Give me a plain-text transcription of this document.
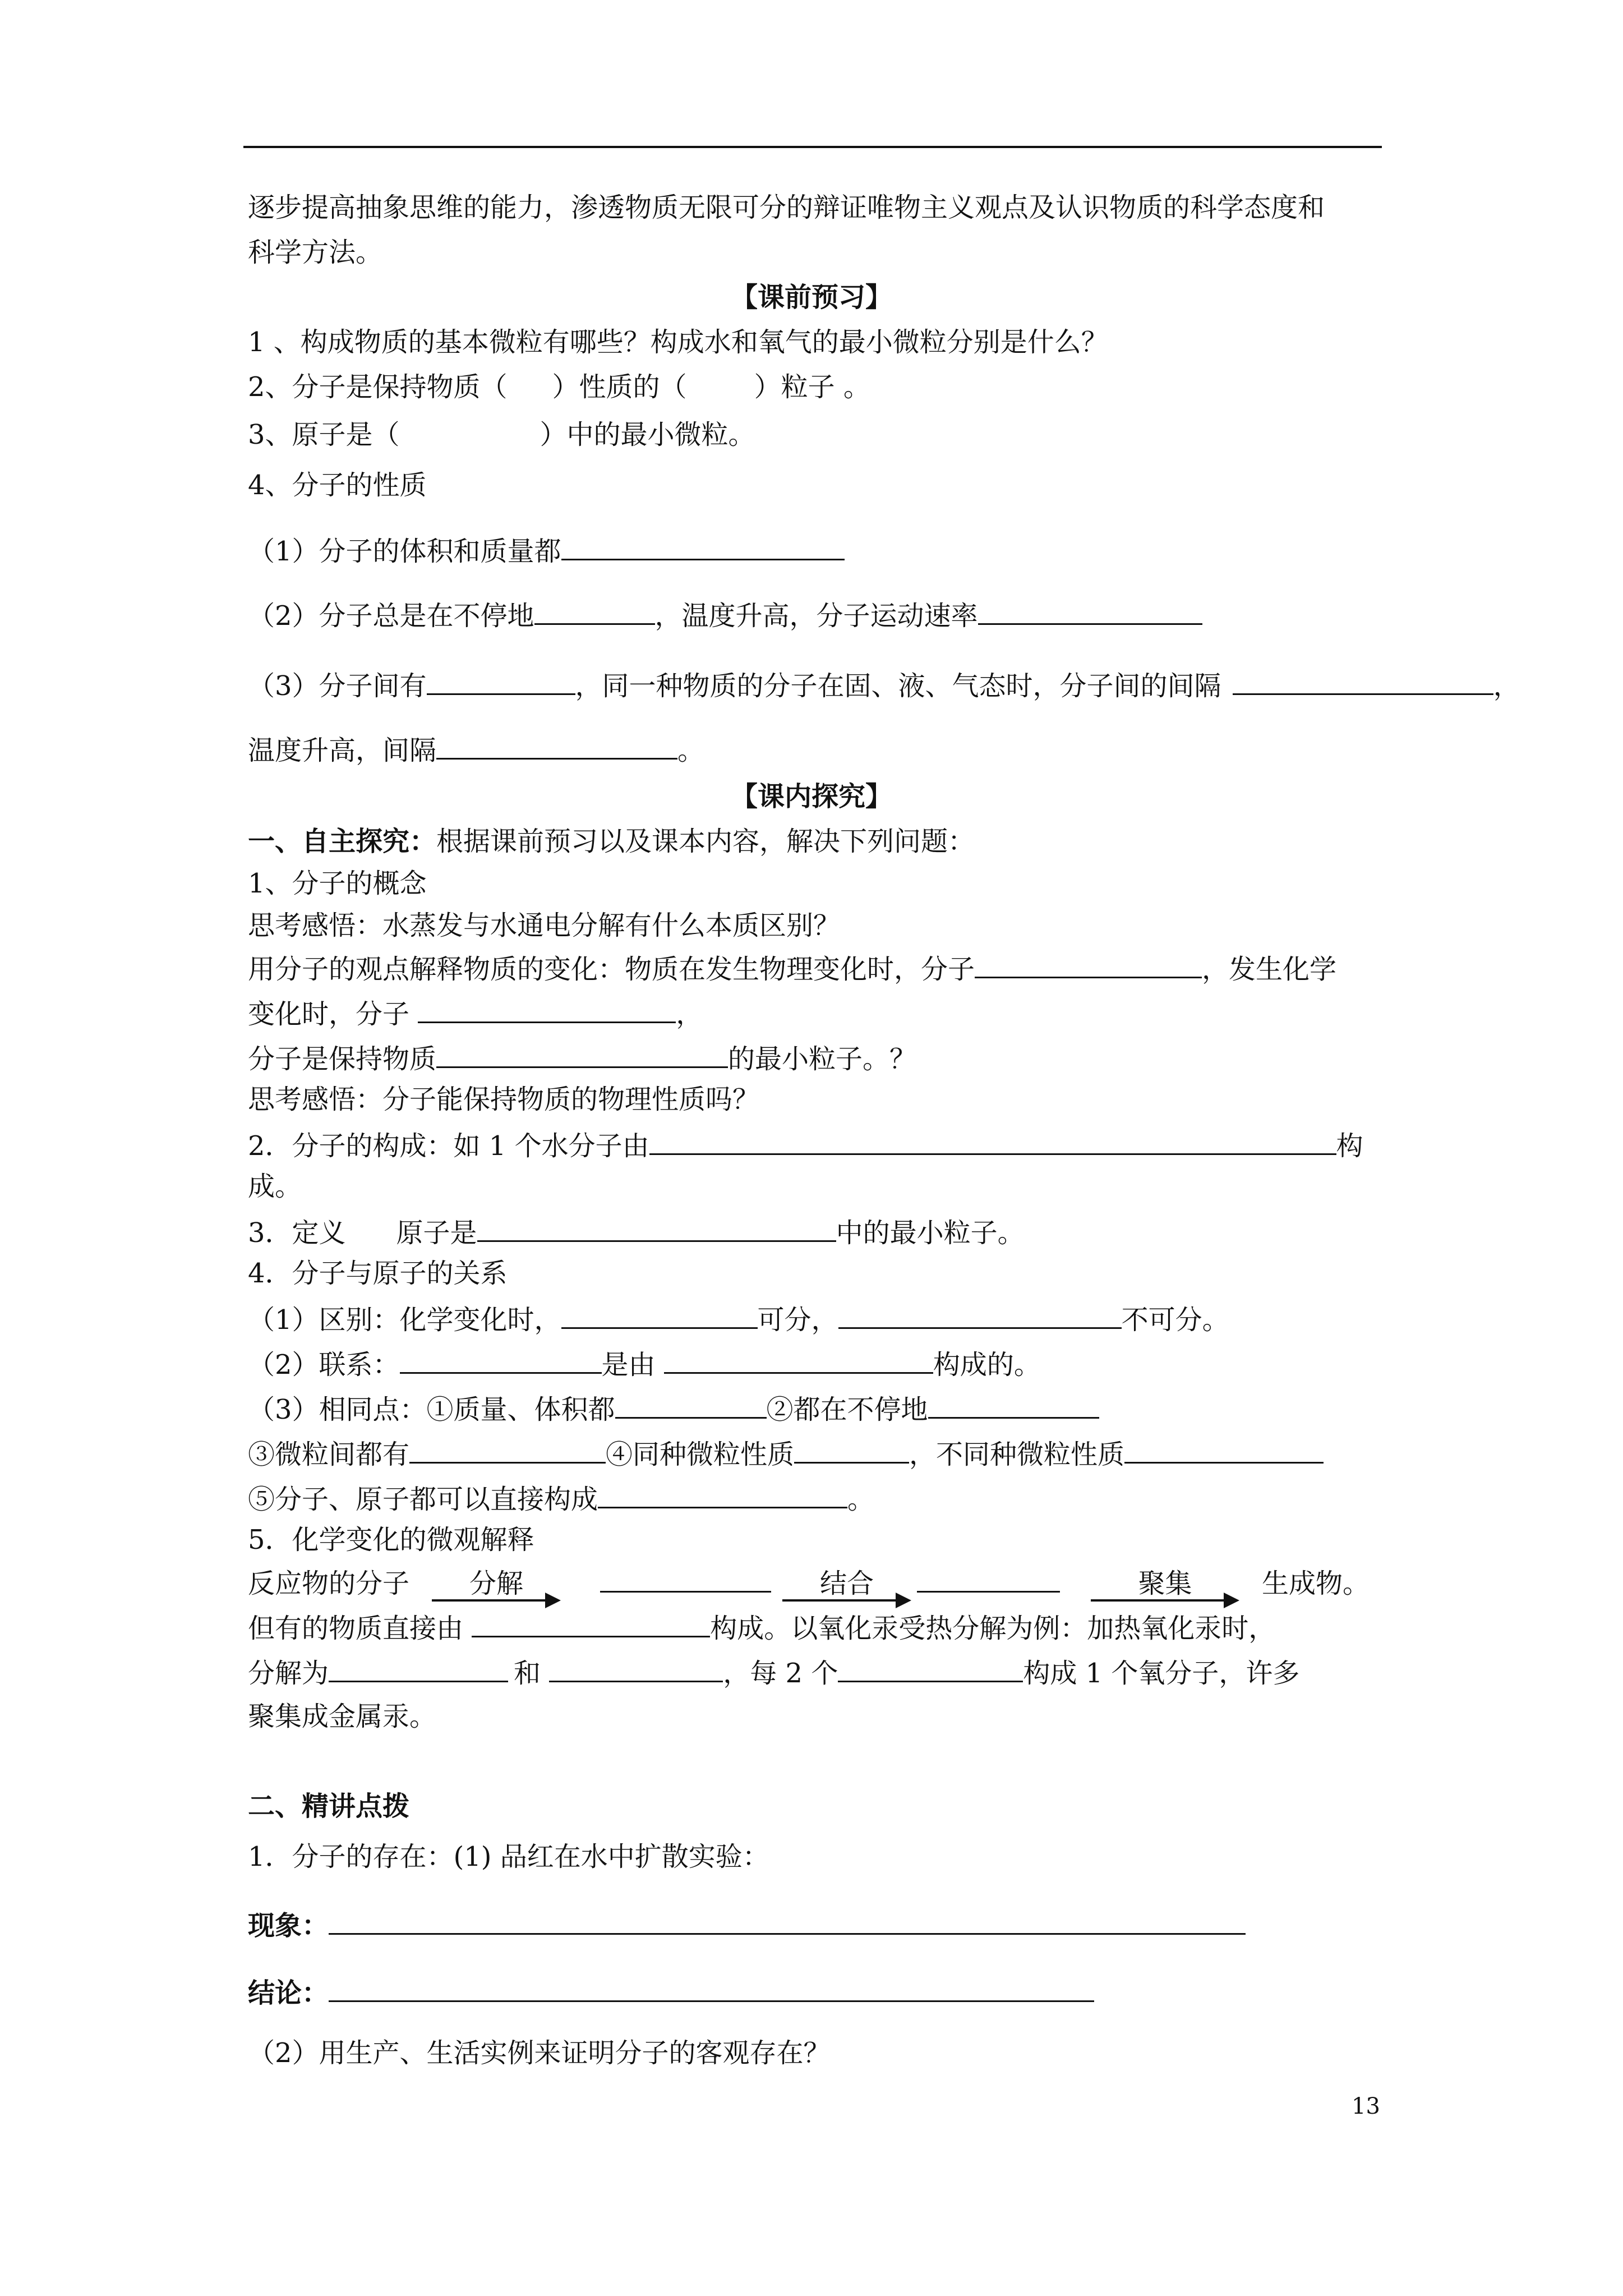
逐步提高抽象思维的能力，渗透物质无限可分的辩证唯物主义观点及认识物质的科学态度和
科学方法。
【课前预习】
1 、构成物质的基本微粒有哪些？构成水和氧气的最小微粒分别是什么？
2、分子是保持物质（ ）性质的（	）粒子 。
3、原子是（	）中的最小微粒。
4、分子的性质
（1）分子的体积和质量都
（2）分子总是在不停地	，温度升高，分子运动速率
（3）分子间有	，同一种物质的分子在固、液、气态时，分子间的间隔	，
温度升高，间隔	。
【课内探究】
一、自主探究：根据课前预习以及课本内容，解决下列问题：
1、分子的概念
思考感悟：水蒸发与水通电分解有什么本质区别？
用分子的观点解释物质的变化：物质在发生物理变化时，分子	，发生化学
变化时，分子	，
分子是保持物质	的最小粒子。？
思考感悟：分子能保持物质的物理性质吗？
2．分子的构成：如 1 个水分子由	构
成。
3．定义 原子是	中的最小粒子。
4．分子与原子的关系
（1）区别：化学变化时，	可分，	不可分。
（2）联系：	是由	构成的。
（3）相同点：①质量、体积都	②都在不停地
③微粒间都有	④同种微粒性质	，不同种微粒性质
⑤分子、原子都可以直接构成	。
5．化学变化的微观解释
反应物的分子	分解	结合	聚集	生成物。
但有的物质直接由	构成。以氧化汞受热分解为例：加热氧化汞时，
分解为	和	，每 2 个	构成 1 个氧分子，许多
聚集成金属汞。
二、精讲点拨
1．分子的存在：(1) 品红在水中扩散实验：
现象：
结论：
（2）用生产、生活实例来证明分子的客观存在？
13
